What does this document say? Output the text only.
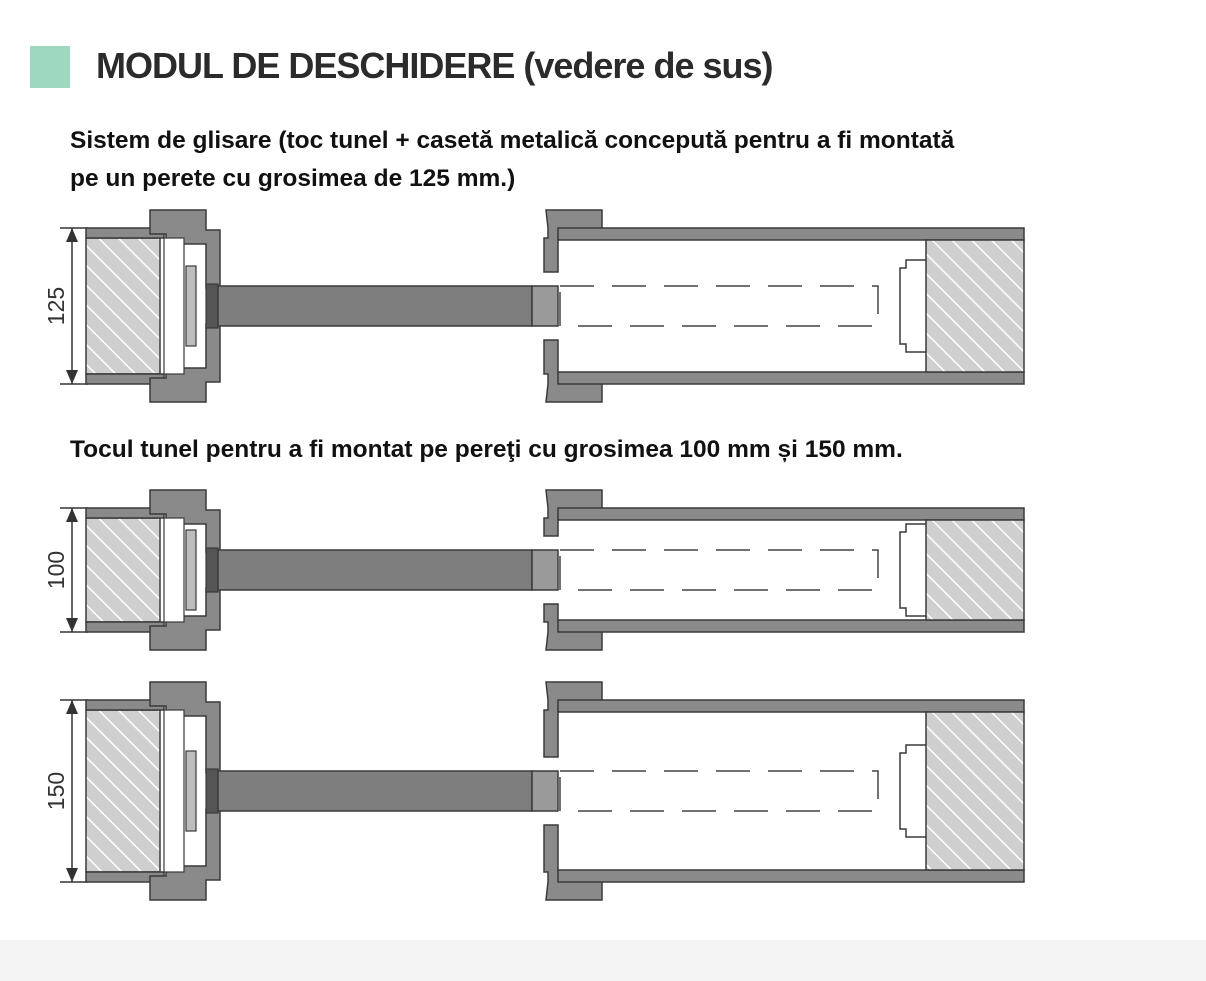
MODUL DE DESCHIDERE (vedere de sus)

Sistem de glisare (toc tunel + casetă metalică concepută pentru a fi montată

pe un perete cu grosimea de 125 mm.)

125

Tocul tunel pentru a fi montat pe pereţi cu grosimea 100 mm și 150 mm.

100
150
